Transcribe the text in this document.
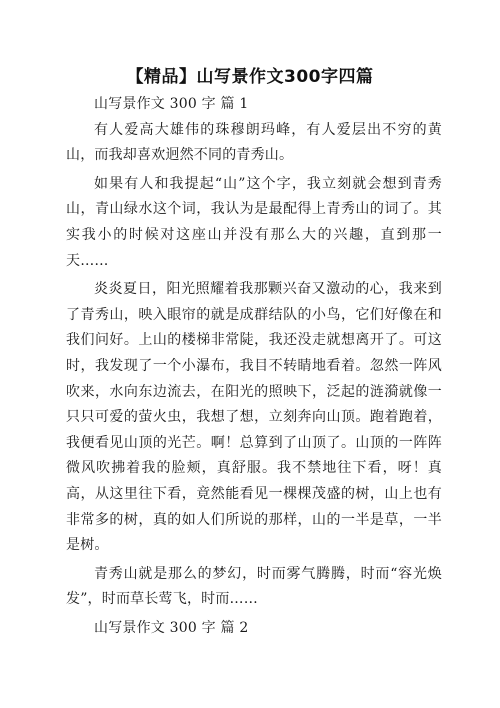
【精品】山写景作文300字四篇

山写景作文 300 字 篇 1

有人爱高大雄伟的珠穆朗玛峰，有人爱层出不穷的黄山，而我却喜欢迥然不同的青秀山。

如果有人和我提起“山”这个字，我立刻就会想到青秀山，青山绿水这个词，我认为是最配得上青秀山的词了。其实我小的时候对这座山并没有那么大的兴趣，直到那一天……

炎炎夏日，阳光照耀着我那颗兴奋又激动的心，我来到了青秀山，映入眼帘的就是成群结队的小鸟，它们好像在和我们问好。上山的楼梯非常陡，我还没走就想离开了。可这时，我发现了一个小瀑布，我目不转睛地看着。忽然一阵风吹来，水向东边流去，在阳光的照映下，泛起的涟漪就像一只只可爱的萤火虫，我想了想，立刻奔向山顶。跑着跑着，我便看见山顶的光芒。啊！总算到了山顶了。山顶的一阵阵微风吹拂着我的脸颊，真舒服。我不禁地往下看，呀！真高，从这里往下看，竟然能看见一棵棵茂盛的树，山上也有非常多的树，真的如人们所说的那样，山的一半是草，一半是树。

青秀山就是那么的梦幻，时而雾气腾腾，时而“容光焕发”，时而草长莺飞，时而……

山写景作文 300 字 篇 2
